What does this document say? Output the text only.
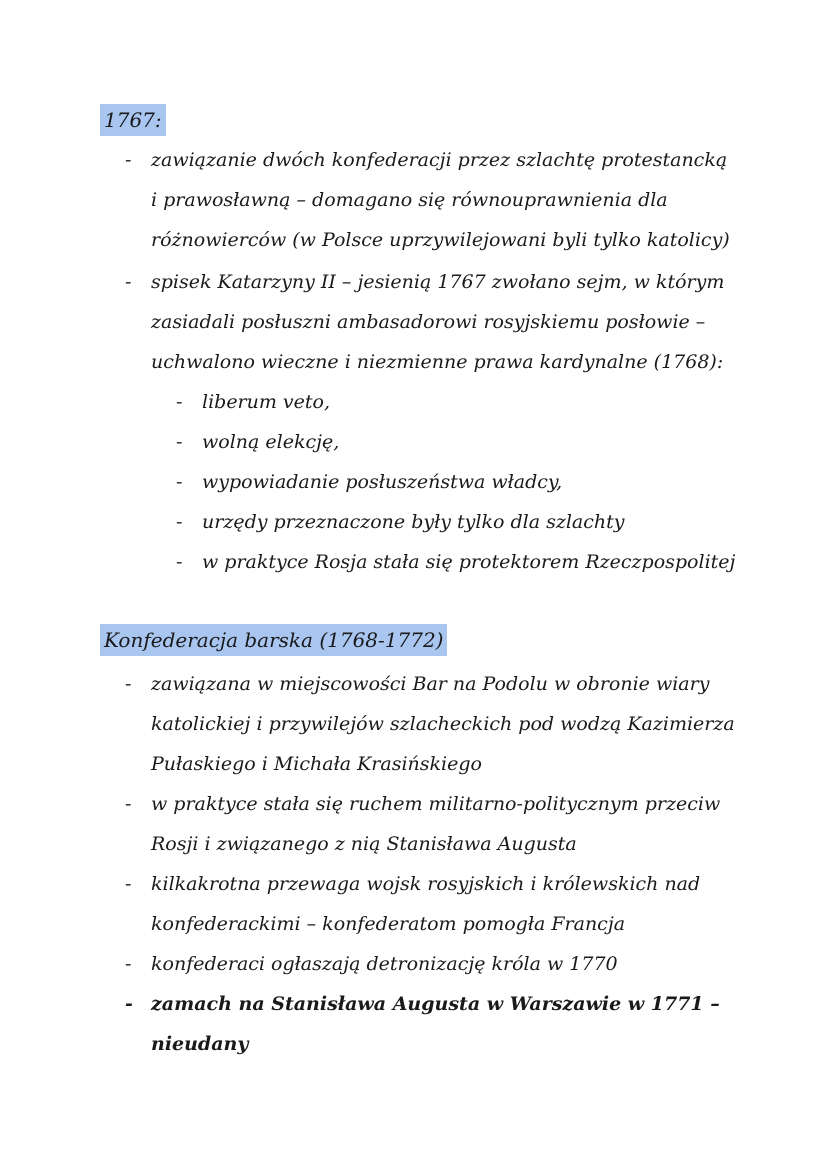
1767:
- zawiązanie dwóch konfederacji przez szlachtę protestancką i prawosławną – domagano się równouprawnienia dla różnowierców (w Polsce uprzywilejowani byli tylko katolicy)
- spisek Katarzyny II – jesienią 1767 zwołano sejm, w którym zasiadali posłuszni ambasadorowi rosyjskiemu posłowie – uchwalono wieczne i niezmienne prawa kardynalne (1768):
- liberum veto,
- wolną elekcję,
- wypowiadanie posłuszeństwa władcy,
- urzędy przeznaczone były tylko dla szlachty
- w praktyce Rosja stała się protektorem Rzeczpospolitej
Konfederacja barska (1768-1772)
- zawiązana w miejscowości Bar na Podolu w obronie wiary katolickiej i przywilejów szlacheckich pod wodzą Kazimierza Pułaskiego i Michała Krasińskiego
- w praktyce stała się ruchem militarno-politycznym przeciw Rosji i związanego z nią Stanisława Augusta
- kilkakrotna przewaga wojsk rosyjskich i królewskich nad konfederackimi – konfederatom pomogła Francja
- konfederaci ogłaszają detronizację króla w 1770
- zamach na Stanisława Augusta w Warszawie w 1771 – nieudany
